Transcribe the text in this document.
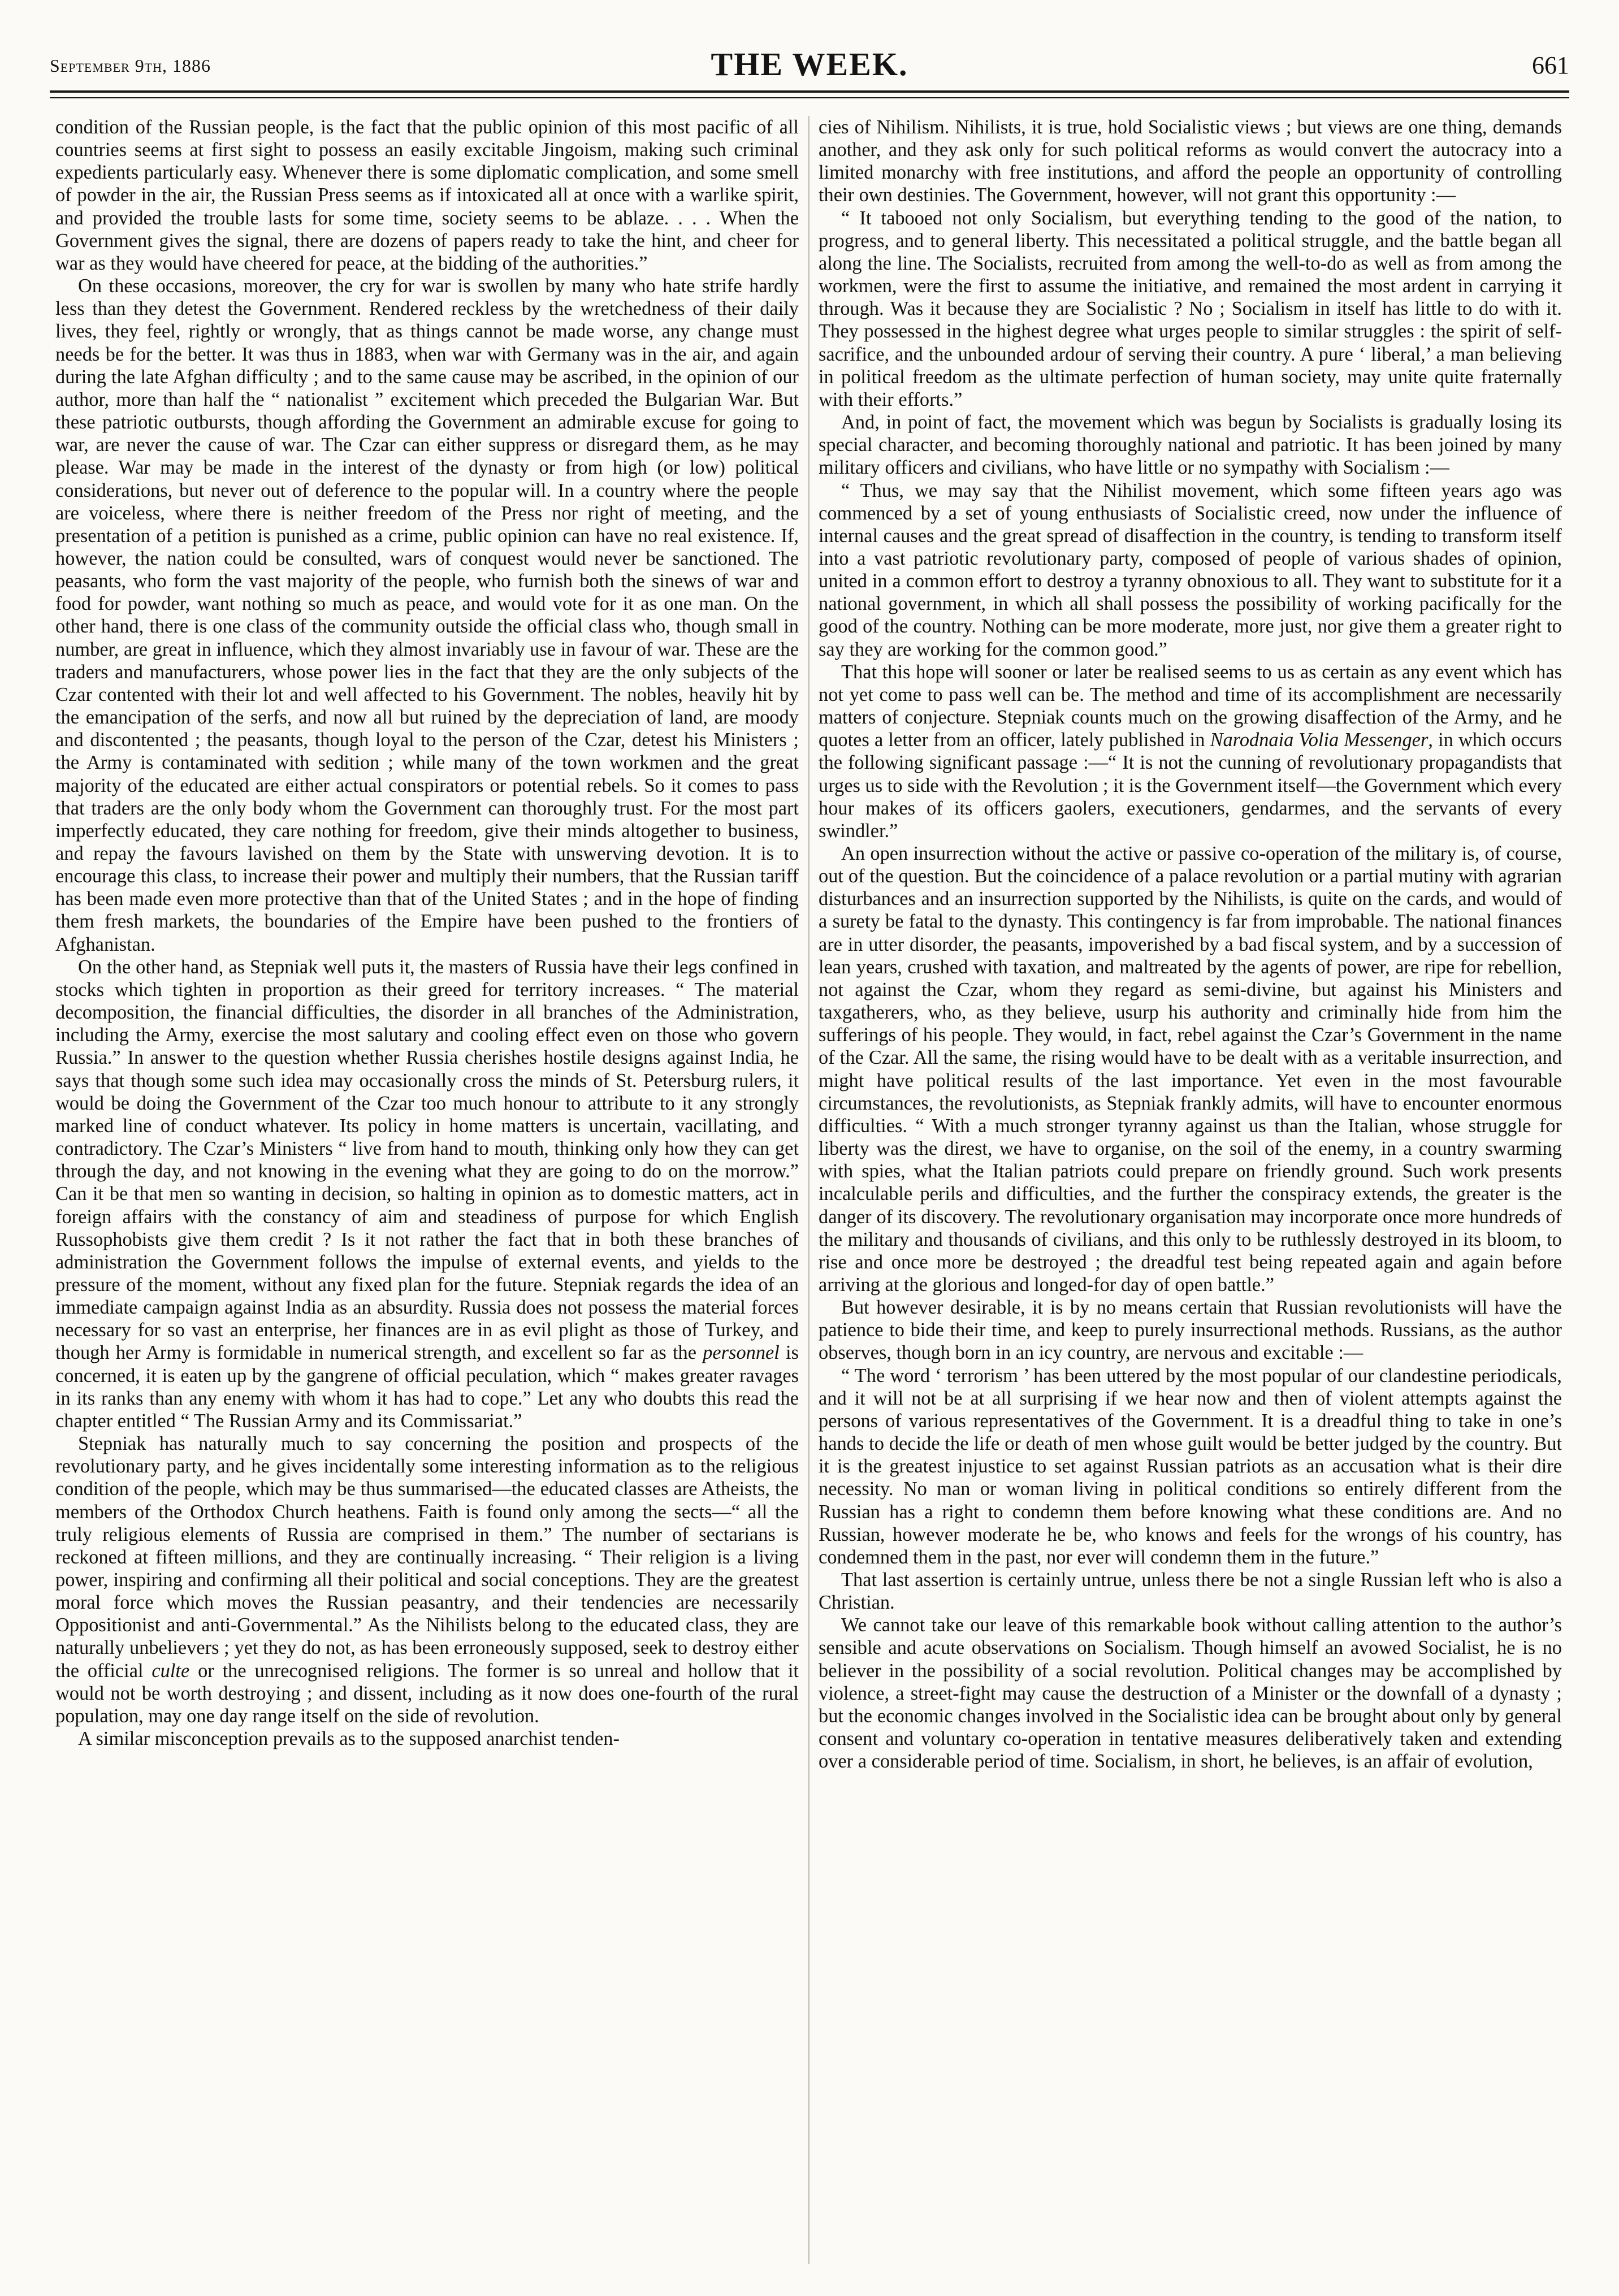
September 9th, 1886	THE WEEK.	661

condition of the Russian people, is the fact that the public opinion of this most pacific of all countries seems at first sight to possess an easily excitable Jingoism, making such criminal expedients particularly easy. Whenever there is some diplomatic complication, and some smell of powder in the air, the Russian Press seems as if intoxicated all at once with a warlike spirit, and provided the trouble lasts for some time, society seems to be ablaze. . . . When the Government gives the signal, there are dozens of papers ready to take the hint, and cheer for war as they would have cheered for peace, at the bidding of the authorities.”

On these occasions, moreover, the cry for war is swollen by many who hate strife hardly less than they detest the Government. Rendered reckless by the wretchedness of their daily lives, they feel, rightly or wrongly, that as things cannot be made worse, any change must needs be for the better. It was thus in 1883, when war with Germany was in the air, and again during the late Afghan difficulty ; and to the same cause may be ascribed, in the opinion of our author, more than half the “ nationalist ” excitement which preceded the Bulgarian War. But these patriotic outbursts, though affording the Government an admirable excuse for going to war, are never the cause of war. The Czar can either suppress or disregard them, as he may please. War may be made in the interest of the dynasty or from high (or low) political considerations, but never out of deference to the popular will. In a country where the people are voiceless, where there is neither freedom of the Press nor right of meeting, and the presentation of a petition is punished as a crime, public opinion can have no real existence. If, however, the nation could be consulted, wars of conquest would never be sanctioned. The peasants, who form the vast majority of the people, who furnish both the sinews of war and food for powder, want nothing so much as peace, and would vote for it as one man. On the other hand, there is one class of the community outside the official class who, though small in number, are great in influence, which they almost invariably use in favour of war. These are the traders and manufacturers, whose power lies in the fact that they are the only subjects of the Czar contented with their lot and well affected to his Government. The nobles, heavily hit by the emancipation of the serfs, and now all but ruined by the depreciation of land, are moody and discontented ; the peasants, though loyal to the person of the Czar, detest his Ministers ; the Army is contaminated with sedition ; while many of the town workmen and the great majority of the educated are either actual conspirators or potential rebels. So it comes to pass that traders are the only body whom the Government can thoroughly trust. For the most part imperfectly educated, they care nothing for freedom, give their minds altogether to business, and repay the favours lavished on them by the State with unswerving devotion. It is to encourage this class, to increase their power and multiply their numbers, that the Russian tariff has been made even more protective than that of the United States ; and in the hope of finding them fresh markets, the boundaries of the Empire have been pushed to the frontiers of Afghanistan.

On the other hand, as Stepniak well puts it, the masters of Russia have their legs confined in stocks which tighten in proportion as their greed for territory increases. “ The material decomposition, the financial difficulties, the disorder in all branches of the Administration, including the Army, exercise the most salutary and cooling effect even on those who govern Russia.” In answer to the question whether Russia cherishes hostile designs against India, he says that though some such idea may occasionally cross the minds of St. Petersburg rulers, it would be doing the Government of the Czar too much honour to attribute to it any strongly marked line of conduct whatever. Its policy in home matters is uncertain, vacillating, and contradictory. The Czar’s Ministers “ live from hand to mouth, thinking only how they can get through the day, and not knowing in the evening what they are going to do on the morrow.” Can it be that men so wanting in decision, so halting in opinion as to domestic matters, act in foreign affairs with the constancy of aim and steadiness of purpose for which English Russophobists give them credit ? Is it not rather the fact that in both these branches of administration the Government follows the impulse of external events, and yields to the pressure of the moment, without any fixed plan for the future. Stepniak regards the idea of an immediate campaign against India as an absurdity. Russia does not possess the material forces necessary for so vast an enterprise, her finances are in as evil plight as those of Turkey, and though her Army is formidable in numerical strength, and excellent so far as the personnel is concerned, it is eaten up by the gangrene of official peculation, which “ makes greater ravages in its ranks than any enemy with whom it has had to cope.” Let any who doubts this read the chapter entitled “ The Russian Army and its Commissariat.”

Stepniak has naturally much to say concerning the position and prospects of the revolutionary party, and he gives incidentally some interesting information as to the religious condition of the people, which may be thus summarised—the educated classes are Atheists, the members of the Orthodox Church heathens. Faith is found only among the sects—“ all the truly religious elements of Russia are comprised in them.” The number of sectarians is reckoned at fifteen millions, and they are continually increasing. “ Their religion is a living power, inspiring and confirming all their political and social conceptions. They are the greatest moral force which moves the Russian peasantry, and their tendencies are necessarily Oppositionist and anti-Governmental.” As the Nihilists belong to the educated class, they are naturally unbelievers ; yet they do not, as has been erroneously supposed, seek to destroy either the official culte or the unrecognised religions. The former is so unreal and hollow that it would not be worth destroying ; and dissent, including as it now does one-fourth of the rural population, may one day range itself on the side of revolution.

A similar misconception prevails as to the supposed anarchist tenden-

cies of Nihilism. Nihilists, it is true, hold Socialistic views ; but views are one thing, demands another, and they ask only for such political reforms as would convert the autocracy into a limited monarchy with free institutions, and afford the people an opportunity of controlling their own destinies. The Government, however, will not grant this opportunity :—

“ It tabooed not only Socialism, but everything tending to the good of the nation, to progress, and to general liberty. This necessitated a political struggle, and the battle began all along the line. The Socialists, recruited from among the well-to-do as well as from among the workmen, were the first to assume the initiative, and remained the most ardent in carrying it through. Was it because they are Socialistic ? No ; Socialism in itself has little to do with it. They possessed in the highest degree what urges people to similar struggles : the spirit of self-sacrifice, and the unbounded ardour of serving their country. A pure ‘ liberal,’ a man believing in political freedom as the ultimate perfection of human society, may unite quite fraternally with their efforts.”

And, in point of fact, the movement which was begun by Socialists is gradually losing its special character, and becoming thoroughly national and patriotic. It has been joined by many military officers and civilians, who have little or no sympathy with Socialism :—

“ Thus, we may say that the Nihilist movement, which some fifteen years ago was commenced by a set of young enthusiasts of Socialistic creed, now under the influence of internal causes and the great spread of disaffection in the country, is tending to transform itself into a vast patriotic revolutionary party, composed of people of various shades of opinion, united in a common effort to destroy a tyranny obnoxious to all. They want to substitute for it a national government, in which all shall possess the possibility of working pacifically for the good of the country. Nothing can be more moderate, more just, nor give them a greater right to say they are working for the common good.”

That this hope will sooner or later be realised seems to us as certain as any event which has not yet come to pass well can be. The method and time of its accomplishment are necessarily matters of conjecture. Stepniak counts much on the growing disaffection of the Army, and he quotes a letter from an officer, lately published in Narodnaia Volia Messenger, in which occurs the following significant passage :—“ It is not the cunning of revolutionary propagandists that urges us to side with the Revolution ; it is the Government itself—the Government which every hour makes of its officers gaolers, executioners, gendarmes, and the servants of every swindler.”

An open insurrection without the active or passive co-operation of the military is, of course, out of the question. But the coincidence of a palace revolution or a partial mutiny with agrarian disturbances and an insurrection supported by the Nihilists, is quite on the cards, and would of a surety be fatal to the dynasty. This contingency is far from improbable. The national finances are in utter disorder, the peasants, impoverished by a bad fiscal system, and by a succession of lean years, crushed with taxation, and maltreated by the agents of power, are ripe for rebellion, not against the Czar, whom they regard as semi-divine, but against his Ministers and taxgatherers, who, as they believe, usurp his authority and criminally hide from him the sufferings of his people. They would, in fact, rebel against the Czar’s Government in the name of the Czar. All the same, the rising would have to be dealt with as a veritable insurrection, and might have political results of the last importance. Yet even in the most favourable circumstances, the revolutionists, as Stepniak frankly admits, will have to encounter enormous difficulties. “ With a much stronger tyranny against us than the Italian, whose struggle for liberty was the direst, we have to organise, on the soil of the enemy, in a country swarming with spies, what the Italian patriots could prepare on friendly ground. Such work presents incalculable perils and difficulties, and the further the conspiracy extends, the greater is the danger of its discovery. The revolutionary organisation may incorporate once more hundreds of the military and thousands of civilians, and this only to be ruthlessly destroyed in its bloom, to rise and once more be destroyed ; the dreadful test being repeated again and again before arriving at the glorious and longed-for day of open battle.”

But however desirable, it is by no means certain that Russian revolutionists will have the patience to bide their time, and keep to purely insurrectional methods. Russians, as the author observes, though born in an icy country, are nervous and excitable :—

“ The word ‘ terrorism ’ has been uttered by the most popular of our clandestine periodicals, and it will not be at all surprising if we hear now and then of violent attempts against the persons of various representatives of the Government. It is a dreadful thing to take in one’s hands to decide the life or death of men whose guilt would be better judged by the country. But it is the greatest injustice to set against Russian patriots as an accusation what is their dire necessity. No man or woman living in political conditions so entirely different from the Russian has a right to condemn them before knowing what these conditions are. And no Russian, however moderate he be, who knows and feels for the wrongs of his country, has condemned them in the past, nor ever will condemn them in the future.”

That last assertion is certainly untrue, unless there be not a single Russian left who is also a Christian.

We cannot take our leave of this remarkable book without calling attention to the author’s sensible and acute observations on Socialism. Though himself an avowed Socialist, he is no believer in the possibility of a social revolution. Political changes may be accomplished by violence, a street-fight may cause the destruction of a Minister or the downfall of a dynasty ; but the economic changes involved in the Socialistic idea can be brought about only by general consent and voluntary co-operation in tentative measures deliberatively taken and extending over a considerable period of time. Socialism, in short, he believes, is an affair of evolution,
